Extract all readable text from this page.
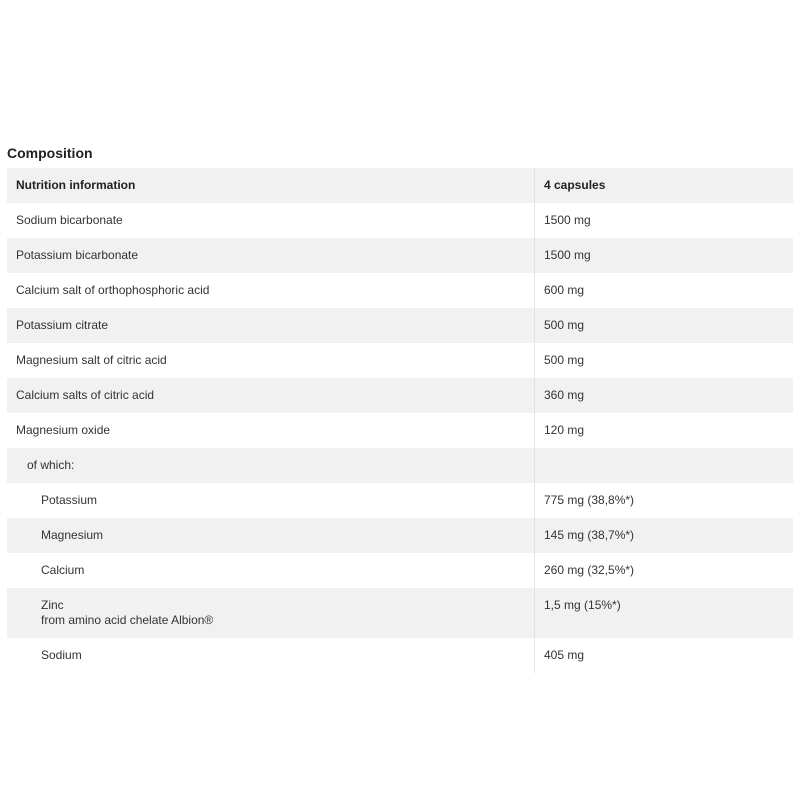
Composition
Nutrition information	4 capsules
Sodium bicarbonate	1500 mg
Potassium bicarbonate	1500 mg
Calcium salt of orthophosphoric acid	600 mg
Potassium citrate	500 mg
Magnesium salt of citric acid	500 mg
Calcium salts of citric acid	360 mg
Magnesium oxide	120 mg
of which:	
Potassium	775 mg (38,8%*)
Magnesium	145 mg (38,7%*)
Calcium	260 mg (32,5%*)
Zinc
from amino acid chelate Albion®	1,5 mg (15%*)
Sodium	405 mg
